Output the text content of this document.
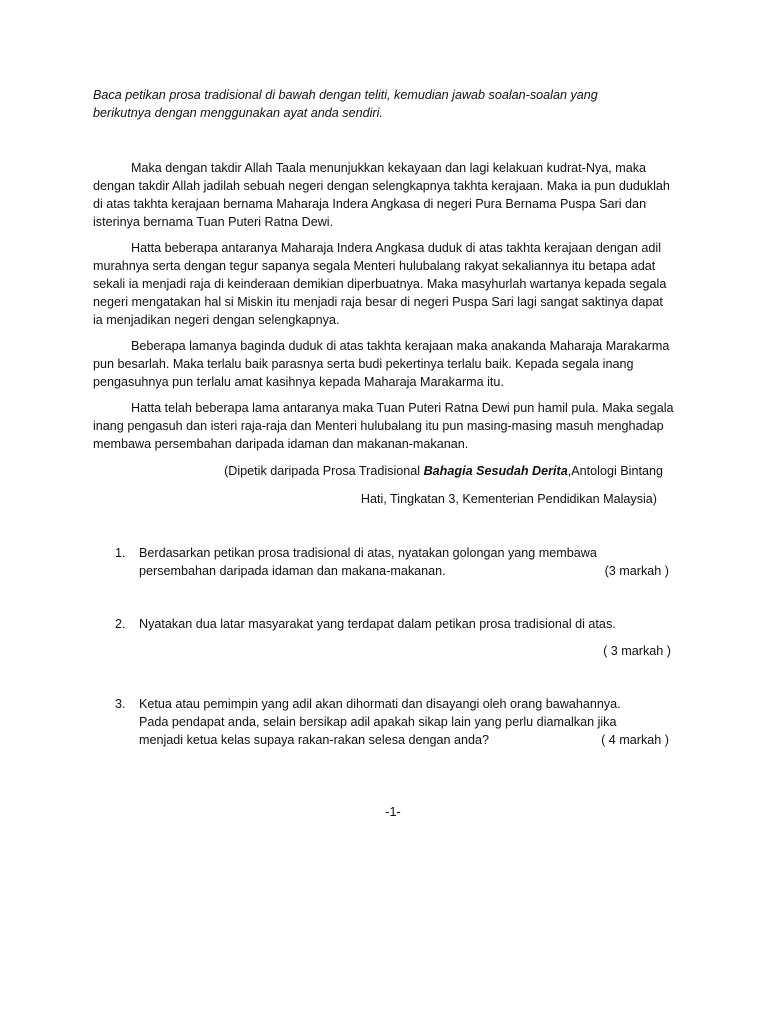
Baca petikan prosa tradisional di bawah dengan teliti, kemudian jawab soalan-soalan yang berikutnya dengan menggunakan ayat anda sendiri.

Maka dengan takdir Allah Taala menunjukkan kekayaan dan lagi kelakuan kudrat-Nya, maka dengan takdir Allah jadilah sebuah negeri dengan selengkapnya takhta kerajaan. Maka ia pun duduklah di atas takhta kerajaan bernama Maharaja Indera Angkasa di negeri Pura Bernama Puspa Sari dan isterinya bernama Tuan Puteri Ratna Dewi.

Hatta beberapa antaranya Maharaja Indera Angkasa duduk di atas takhta kerajaan dengan adil murahnya serta dengan tegur sapanya segala Menteri hulubalang rakyat sekaliannya itu betapa adat sekali ia menjadi raja di keinderaan demikian diperbuatnya. Maka masyhurlah wartanya kepada segala negeri mengatakan hal si Miskin itu menjadi raja besar di negeri Puspa Sari lagi sangat saktinya dapat ia menjadikan negeri dengan selengkapnya.

Beberapa lamanya baginda duduk di atas takhta kerajaan maka anakanda Maharaja Marakarma pun besarlah. Maka terlalu baik parasnya serta budi pekertinya terlalu baik. Kepada segala inang pengasuhnya pun terlalu amat kasihnya kepada Maharaja Marakarma itu.

Hatta telah beberapa lama antaranya maka Tuan Puteri Ratna Dewi pun hamil pula. Maka segala inang pengasuh dan isteri raja-raja dan Menteri hulubalang itu pun masing-masing masuh menghadap membawa persembahan daripada idaman dan makanan-makanan.

(Dipetik daripada Prosa Tradisional Bahagia Sesudah Derita,Antologi Bintang
Hati, Tingkatan 3, Kementerian Pendidikan Malaysia)
1. Berdasarkan petikan prosa tradisional di atas, nyatakan golongan yang membawa
persembahan daripada idaman dan makana-makanan.	(3 markah )
2. Nyatakan dua latar masyarakat yang terdapat dalam petikan prosa tradisional di atas.
( 3 markah )
3. Ketua atau pemimpin yang adil akan dihormati dan disayangi oleh orang bawahannya.
Pada pendapat anda, selain bersikap adil apakah sikap lain yang perlu diamalkan jika
menjadi ketua kelas supaya rakan-rakan selesa dengan anda?	( 4 markah )
-1-
